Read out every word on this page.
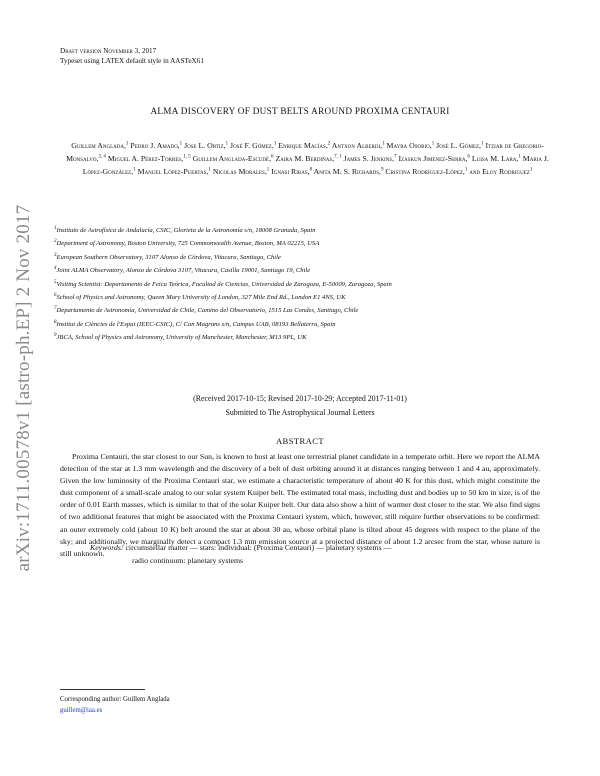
arXiv:1711.00578v1 [astro-ph.EP] 2 Nov 2017
Draft version November 3, 2017
Typeset using LATEX default style in AASTeX61
ALMA DISCOVERY OF DUST BELTS AROUND PROXIMA CENTAURI
Guillem Anglada,$^1$ Pedro J. Amado,$^1$ Jose L. Ortiz,$^1$ José F. Gómez,$^1$ Enrique Macías,$^2$ Antxon Alberdi,$^1$ Mayra Osorio,$^1$ José L. Gómez,$^1$ Itziar de Gregorio-Monsalvo,$^{3, 4}$ Miguel A. Pérez-Torres,$^{1, 5}$ Guillem Anglada-Escudé,$^6$ Zaira M. Berdiñas,$^{7, 1}$ James S. Jenkins,$^7$ Izaskun Jimenez-Serra,$^6$ Luisa M. Lara,$^1$ Maria J. López-González,$^1$ Manuel López-Puertas,$^1$ Nicolas Morales,$^1$ Ignasi Ribas,$^8$ Anita M. S. Richards,$^9$ Cristina Rodríguez-López,$^1$ and Eloy Rodriguez$^1$
$^1$Instituto de Astrofísica de Andalucía, CSIC, Glorieta de la Astronomía s/n, 18008 Granada, Spain
$^2$Department of Astronomy, Boston University, 725 Commonwealth Avenue, Boston, MA 02215, USA
$^3$European Southern Observatory, 3107 Alonso de Córdova, Vitacura, Santiago, Chile
$^4$Joint ALMA Observatory, Alonso de Córdova 3107, Vitacura, Casilla 19001, Santiago 19, Chile
$^5$Visiting Scientist: Departamento de Feica Teórica, Facultad de Ciencias, Universidad de Zaragoza, E-50009, Zaragoza, Spain
$^6$School of Physics and Astronomy, Queen Mary University of London, 327 Mile End Rd., London E1 4NS, UK
$^7$Departamento de Astronomía, Universidad de Chile, Camino del Observatorio, 1515 Las Condes, Santiago, Chile
$^8$Institut de Ciències de l'Espai (IEEC-CSIC), C/ Can Magrans s/n, Campus UAB, 08193 Bellaterra, Spain
$^9$JBCA, School of Physics and Astronomy, University of Manchester, Manchester, M13 9PL, UK
(Received 2017-10-15; Revised 2017-10-29; Accepted 2017-11-01)
Submitted to The Astrophysical Journal Letters
ABSTRACT
Proxima Centauri, the star closest to our Sun, is known to host at least one terrestrial planet candidate in a temperate orbit. Here we report the ALMA detection of the star at 1.3 mm wavelength and the discovery of a belt of dust orbiting around it at distances ranging between 1 and 4 au, approximately. Given the low luminosity of the Proxima Centauri star, we estimate a characteristic temperature of about 40 K for this dust, which might constitute the dust component of a small-scale analog to our solar system Kuiper belt. The estimated total mass, including dust and bodies up to 50 km in size, is of the order of 0.01 Earth masses, which is similar to that of the solar Kuiper belt. Our data also show a hint of warmer dust closer to the star. We also find signs of two additional features that might be associated with the Proxima Centauri system, which, however, still require further observations to be confirmed: an outer extremely cold (about 10 K) belt around the star at about 30 au, whose orbital plane is tilted about 45 degrees with respect to the plane of the sky; and additionally, we marginally detect a compact 1.3 mm emission source at a projected distance of about 1.2 arcsec from the star, whose nature is still unknown.
Keywords: circumstellar matter — stars: individual: (Proxima Centauri) — planetary systems —
radio continuum: planetary systems
Corresponding author: Guillem Anglada
guillem@iaa.es
